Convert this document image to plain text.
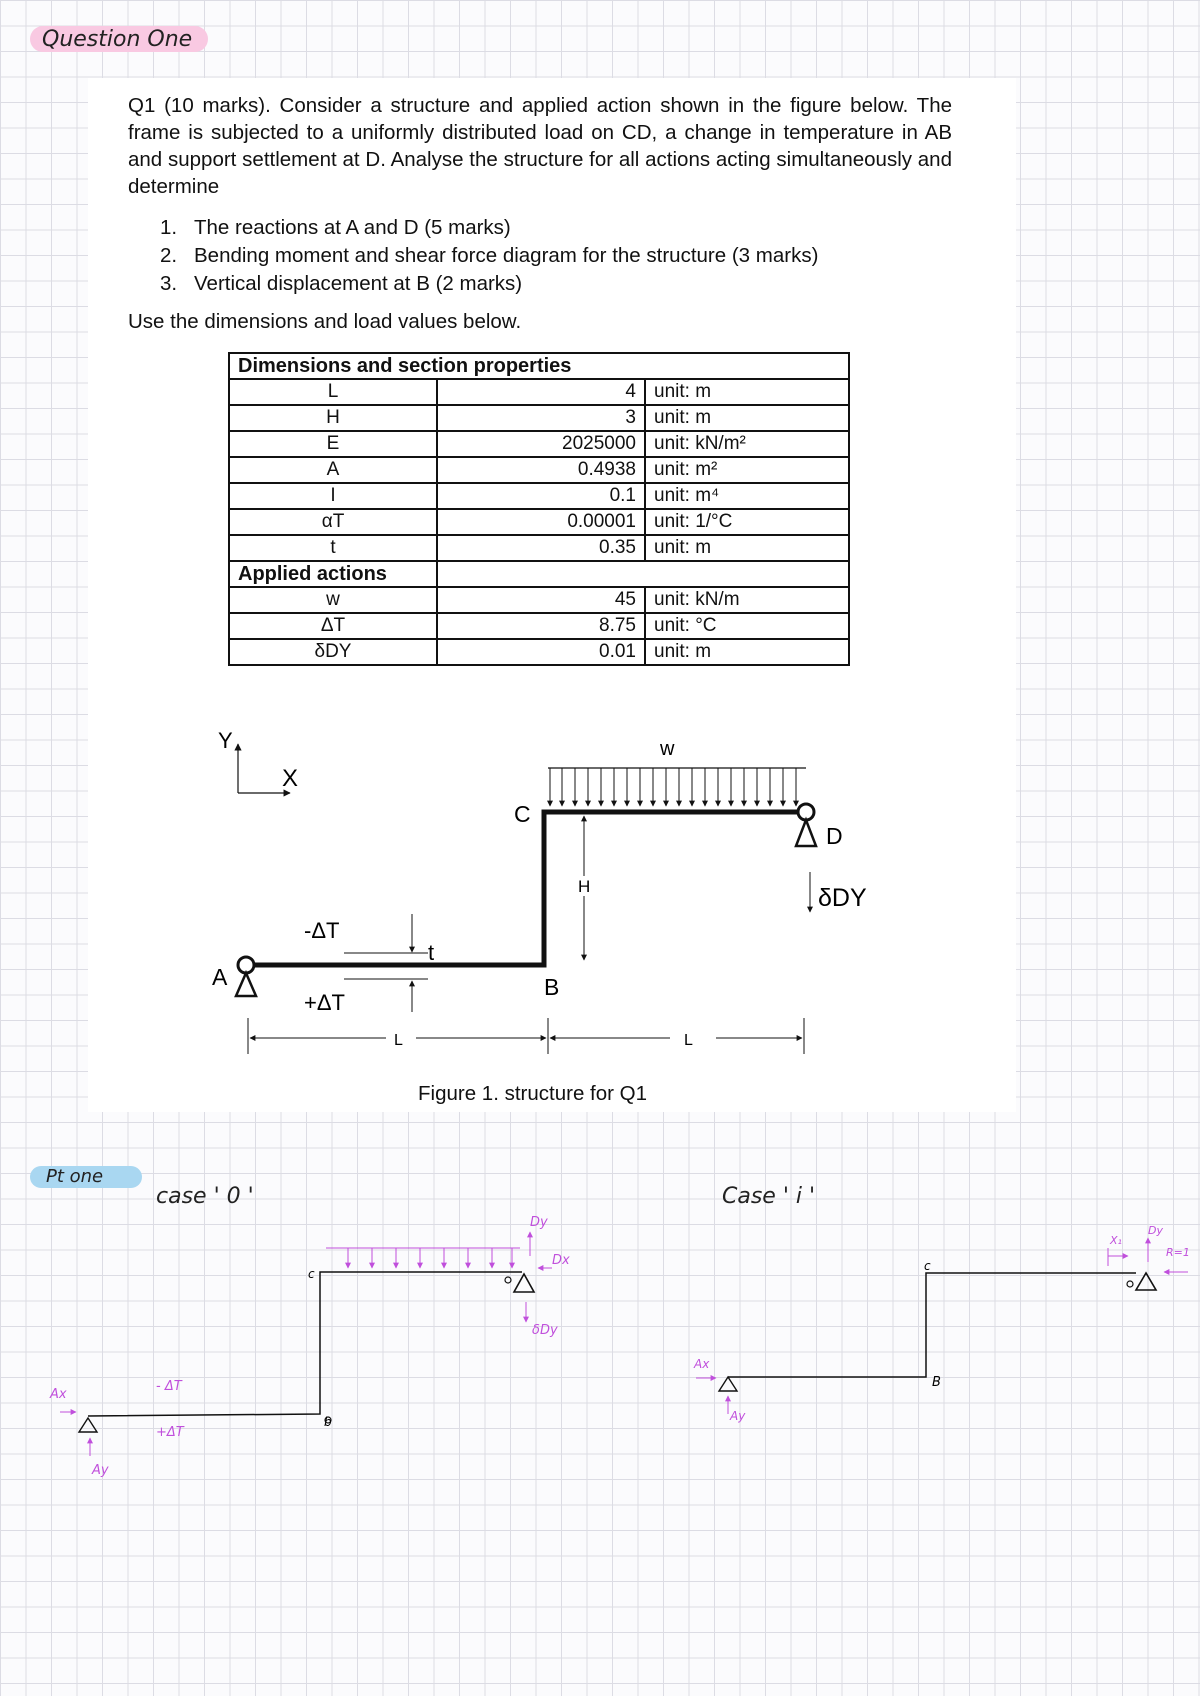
Question One
Q1 (10 marks). Consider a structure and applied action shown in the figure below. The frame is subjected to a uniformly distributed load on CD, a change in temperature in AB and support settlement at D. Analyse the structure for all actions acting simultaneously and determine
1. The reactions at A and D (5 marks)
2. Bending moment and shear force diagram for the structure (3 marks)
3. Vertical displacement at B (2 marks)
Use the dimensions and load values below.
Dimensions and section properties		
L	4	unit: m
H	3	unit: m
E	2025000	unit: kN/m²
A	0.4938	unit: m²
I	0.1	unit: m⁴
αT	0.00001	unit: 1/°C
t	0.35	unit: m
Applied actions		
w	45	unit: kN/m
ΔT	8.75	unit: °C
δDY	0.01	unit: m
Figure 1. structure for Q1
Y
X
A
D
C
B
w
H
t
-ΔT
+ΔT
δDY
L	L
Pt one
case ' 0 '	Case ' i '
c
b
Ax
Ay
Dy
Dx
δDy
- ΔT
+ΔT
c
B
Ax
Ay
X₁
Dy
R=1
